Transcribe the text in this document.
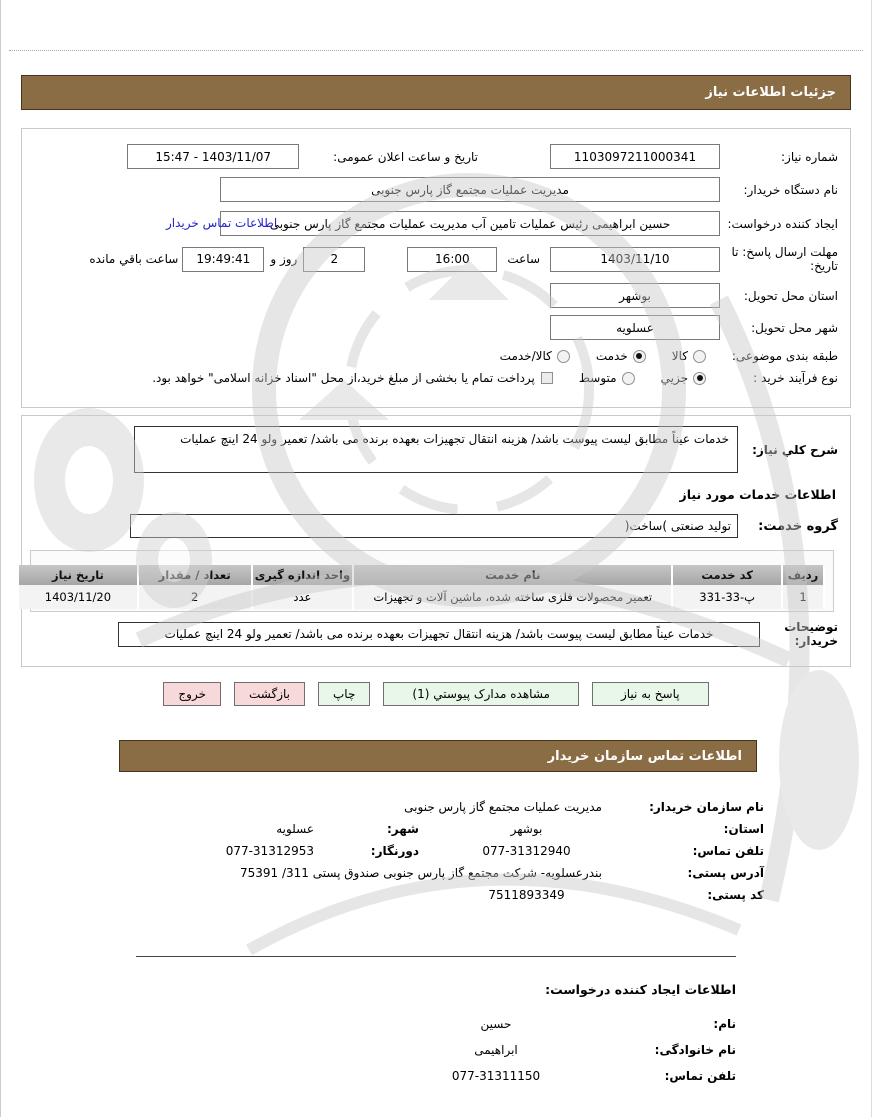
جزئیات اطلاعات نیاز
شماره نیاز:
1103097211000341
تاریخ و ساعت اعلان عمومی:
15:47 - 1403/11/07
نام دستگاه خریدار:
مدیریت عملیات مجتمع گاز پارس جنوبی
ایجاد کننده درخواست:
حسین ابراهیمی رئیس عملیات تامین آب مدیریت عملیات مجتمع گاز پارس جنوبی
اطلاعات تماس خریدار
مهلت ارسال پاسخ: تا تاریخ:
1403/11/10
ساعت
16:00
2
روز و
19:49:41
ساعت باقي مانده
استان محل تحویل:
بوشهر
شهر محل تحویل:
عسلویه
طبقه بندی موضوعی:
کالا
خدمت
کالا/خدمت
نوع فرآیند خرید :
جزيي
متوسط
پرداخت تمام یا بخشی از مبلغ خرید،از محل "اسناد خزانه اسلامی" خواهد بود.
شرح کلي نیاز:
خدمات عیناً مطابق لیست پیوست باشد/ هزینه انتقال تجهیزات بعهده برنده می باشد/ تعمیر ولو 24 اینچ عملیات
اطلاعات خدمات مورد نیاز
گروه خدمت:
تولید صنعتی )ساخت(
ردیف	کد خدمت	نام خدمت	واحد اندازه گیری	تعداد / مقدار	تاریخ نیاز
1	پ-33-331	تعمیر محصولات فلزی ساخته شده، ماشین آلات و تجهیزات	عدد	2	1403/11/20
توضیحات خریدار:
خدمات عیناً مطابق لیست پیوست باشد/ هزینه انتقال تجهیزات بعهده برنده می باشد/ تعمیر ولو 24 اینچ عملیات
پاسخ به نیاز
مشاهده مدارک پیوستي (1)
چاپ
بازگشت
خروج
اطلاعات تماس سازمان خریدار
نام سازمان خریدار:
مدیریت عملیات مجتمع گاز پارس جنوبی
استان:
بوشهر
شهر:
عسلویه
تلفن تماس:
077-31312940
دورنگار:
077-31312953
آدرس پستی:
بندرعسلویه- شرکت مجتمع گاز پارس جنوبی صندوق پستی 311/ 75391
کد پستی:
7511893349
اطلاعات ایجاد کننده درخواست:
نام:
حسین
نام خانوادگی:
ابراهیمی
تلفن تماس:
077-31311150
